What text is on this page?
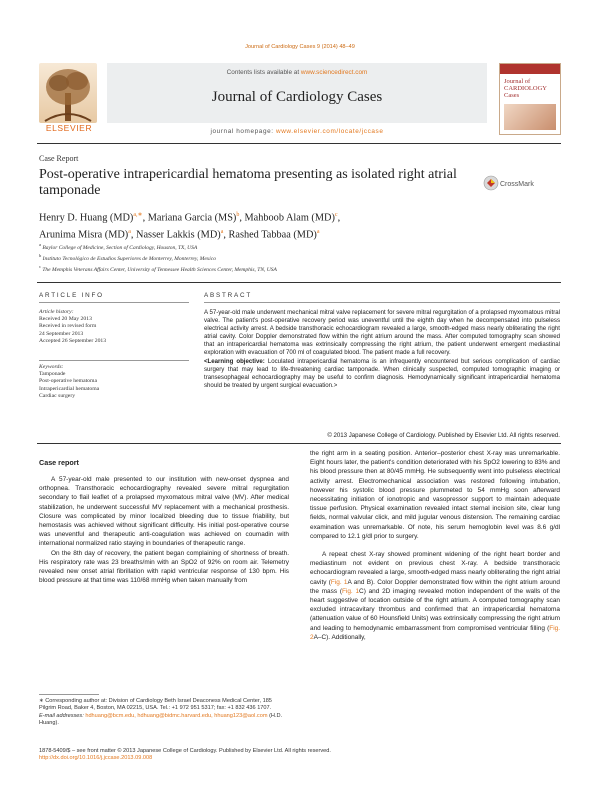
Journal of Cardiology Cases 9 (2014) 48–49
ELSEVIER
Contents lists available at www.sciencedirect.com
Journal of Cardiology Cases
journal homepage: www.elsevier.com/locate/jccase
Journal of
CARDIOLOGY
Cases
Case Report
Post-operative intrapericardial hematoma presenting as isolated right atrial tamponade	CrossMark
Henry D. Huang (MD)$^{a,∗}$, Mariana Garcia (MS)$^b$, Mahboob Alam (MD)$^c$,
Arunima Misra (MD)$^a$, Nasser Lakkis (MD)$^a$, Rashed Tabbaa (MD)$^a$
$^a$ Baylor College of Medicine, Section of Cardiology, Houston, TX, USA
$^b$ Instituto Tecnológico de Estudios Superiores de Monterrey, Monterrey, Mexico
$^c$ The Memphis Veterans Affairs Center, University of Tennessee Health Sciences Center, Memphis, TN, USA
ARTICLE INFO	ABSTRACT
Article history:
Received 20 May 2013
Received in revised form
24 September 2013
Accepted 26 September 2013
Keywords:
Tamponade
Post-operative hematoma
Intrapericardial hematoma
Cardiac surgery
A 57-year-old male underwent mechanical mitral valve replacement for severe mitral regurgitation of a prolapsed myxomatous mitral valve. The patient's post-operative recovery period was uneventful until the eighth day when he decompensated into pulseless electrical activity arrest. A bedside transthoracic echocardiogram revealed a large, smooth-edged mass nearly obliterating the right atrial cavity. Color Doppler demonstrated flow within the right atrium around the mass. After computed tomography scan showed that an intrapericardial hematoma was extrinsically compressing the right atrium, the patient underwent emergent mediastinal exploration with evacuation of 700 ml of coagulated blood. The patient made a full recovery.
<Learning objective: Loculated intrapericardial hematoma is an infrequently encountered but serious complication of cardiac surgery that may lead to life-threatening cardiac tamponade. When clinically suspected, computed tomographic imaging or transesophageal echocardiography may be useful to confirm diagnosis. Hemodynamically significant intrapericardial hematoma should be treated by urgent surgical evacuation.>
© 2013 Japanese College of Cardiology. Published by Elsevier Ltd. All rights reserved.
Case report

A 57-year-old male presented to our institution with new-onset dyspnea and orthopnea. Transthoracic echocardiography revealed severe mitral regurgitation secondary to flail leaflet of a prolapsed myxomatous mitral valve (MV). After medical stabilization, he underwent successful MV replacement with a mechanical prosthesis. Closure was complicated by minor localized bleeding due to tissue friability, but hemostasis was achieved without significant difficulty. His initial post-operative course was uneventful and therapeutic anti-coagulation was achieved on coumadin with international normalized ratio staying in boundaries of therapeutic range.

On the 8th day of recovery, the patient began complaining of shortness of breath. His respiratory rate was 23 breaths/min with an SpO2 of 92% on room air. Telemetry revealed new onset atrial fibrillation with rapid ventricular response of 130 bpm. His blood pressure at that time was 110/68 mmHg when taken manually from

the right arm in a seating position. Anterior–posterior chest X-ray was unremarkable. Eight hours later, the patient's condition deteriorated with his SpO2 lowering to 83% and his blood pressure then at 80/45 mmHg. He subsequently went into pulseless electrical activity arrest. Electromechanical association was restored following intubation, however his systolic blood pressure plummeted to 54 mmHg soon afterward necessitating initiation of ionotropic and vasopressor support to maintain adequate tissue perfusion. Physical examination revealed intact sternal incision site, clear lung fields, normal valvular click, and mild jugular venous distension. The remaining cardiac examination was unremarkable. Of note, his serum hemoglobin level was 8.6 g/dl compared to 12.1 g/dl prior to surgery.

A repeat chest X-ray showed prominent widening of the right heart border and mediastinum not evident on previous chest X-ray. A bedside transthoracic echocardiogram revealed a large, smooth-edged mass nearly obliterating the right atrial cavity (Fig. 1A and B). Color Doppler demonstrated flow within the right atrium around the mass (Fig. 1C) and 2D imaging revealed motion independent of the walls of the heart suggestive of location outside of the right atrium. A computed tomography scan excluded intracavitary thrombus and confirmed that an intrapericardial hematoma (attenuation value of 60 Hounsfield Units) was extrinsically compressing the right atrium and leading to hemodynamic embarrassment from compromised ventricular filling (Fig. 2A–C). Additionally,

∗ Corresponding author at: Division of Cardiology Beth Israel Deaconess Medical Center, 185 Pilgrim Road, Baker 4, Boston, MA 02215, USA. Tel.: +1 972 951 5317; fax: +1 832 436 1707.
E-mail addresses: hdhuang@bcm.edu, hdhuang@bidmc.harvard.edu, hhuang123@aol.com (H.D. Huang).
1878-5409/$ – see front matter © 2013 Japanese College of Cardiology. Published by Elsevier Ltd. All rights reserved.
http://dx.doi.org/10.1016/j.jccase.2013.09.008
